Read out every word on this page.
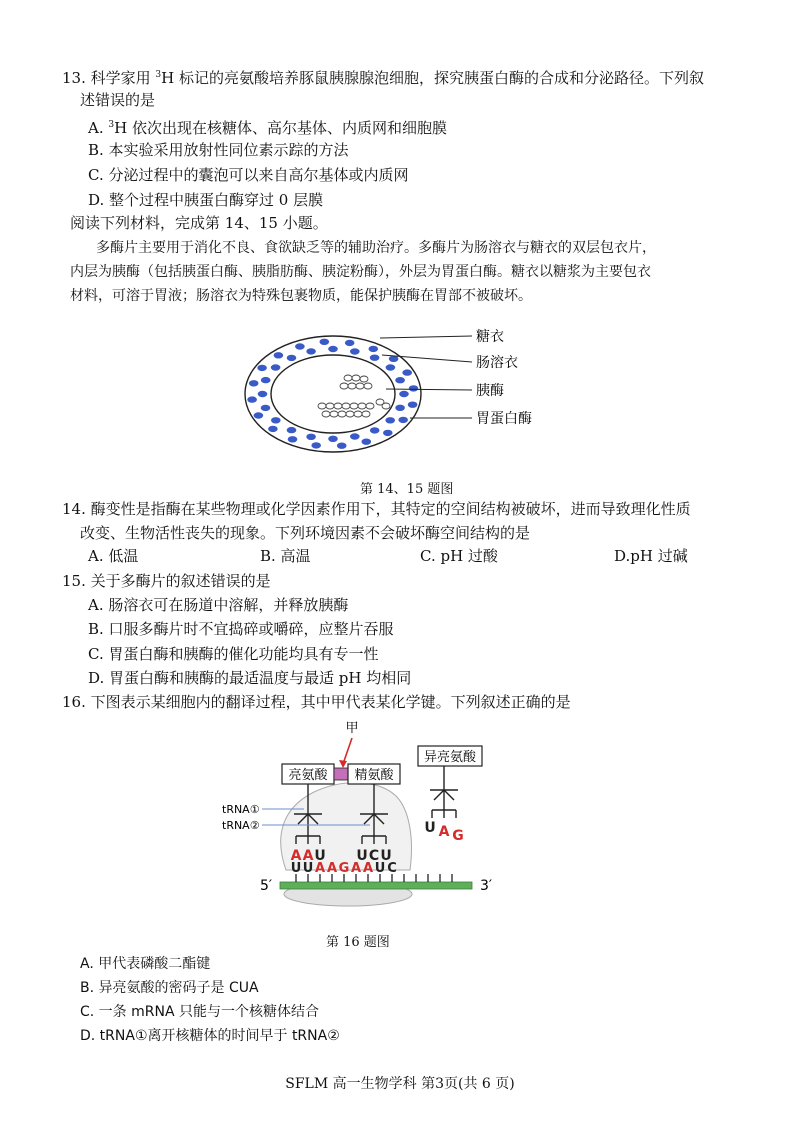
13. 科学家用 $^3$H 标记的亮氨酸培养豚鼠胰腺腺泡细胞，探究胰蛋白酶的合成和分泌路径。下列叙
述错误的是
A. $^3$H 依次出现在核糖体、高尔基体、内质网和细胞膜
B. 本实验采用放射性同位素示踪的方法
C. 分泌过程中的囊泡可以来自高尔基体或内质网
D. 整个过程中胰蛋白酶穿过 0 层膜
阅读下列材料，完成第 14、15 小题。
多酶片主要用于消化不良、食欲缺乏等的辅助治疗。多酶片为肠溶衣与糖衣的双层包衣片，
内层为胰酶（包括胰蛋白酶、胰脂肪酶、胰淀粉酶），外层为胃蛋白酶。糖衣以糖浆为主要包衣
材料，可溶于胃液；肠溶衣为特殊包裹物质，能保护胰酶在胃部不被破坏。
糖衣
肠溶衣
胰酶
胃蛋白酶
第 14、15 题图
14. 酶变性是指酶在某些物理或化学因素作用下，其特定的空间结构被破坏，进而导致理化性质
改变、生物活性丧失的现象。下列环境因素不会破坏酶空间结构的是
A. 低温	B. 高温	C. pH 过酸	D.pH 过碱
15. 关于多酶片的叙述错误的是
A. 肠溶衣可在肠道中溶解，并释放胰酶
B. 口服多酶片时不宜捣碎或嚼碎，应整片吞服
C. 胃蛋白酶和胰酶的催化功能均具有专一性
D. 胃蛋白酶和胰酶的最适温度与最适 pH 均相同
16. 下图表示某细胞内的翻译过程，其中甲代表某化学键。下列叙述正确的是
U U A A G A A U C
5′	3′
亮氨酸 精氨酸
异亮氨酸
甲
tRNA①
tRNA②
A A U U C U
U A G
第 16 题图
A. 甲代表磷酸二酯键
B. 异亮氨酸的密码子是 CUA
C. 一条 mRNA 只能与一个核糖体结合
D. tRNA①离开核糖体的时间早于 tRNA②
SFLM 高一生物学科 第3页(共 6 页)
